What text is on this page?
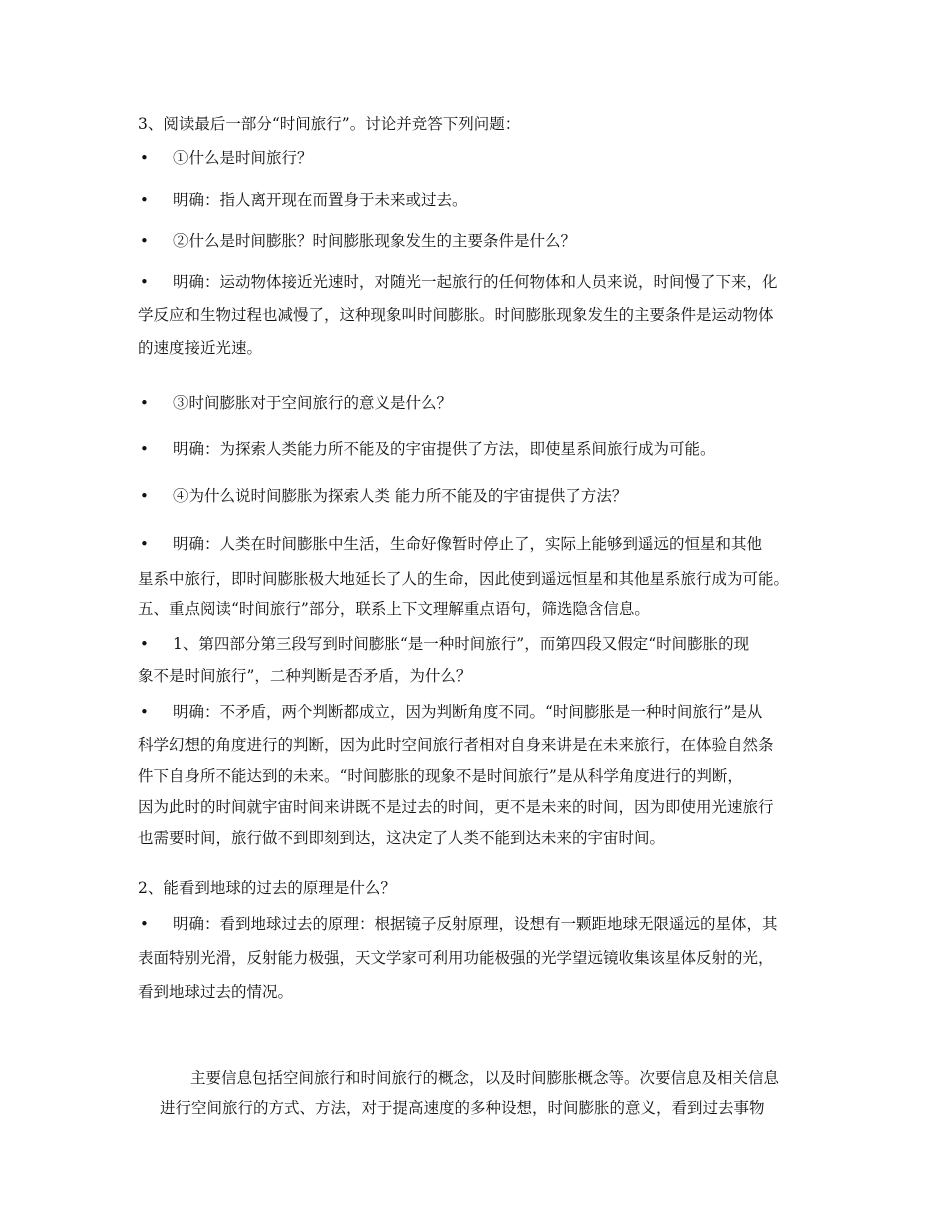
3、阅读最后一部分“时间旅行”。讨论并竞答下列问题：
• ①什么是时间旅行？
• 明确：指人离开现在而置身于未来或过去。
• ②什么是时间膨胀？时间膨胀现象发生的主要条件是什么？
• 明确：运动物体接近光速时，对随光一起旅行的任何物体和人员来说，时间慢了下来，化
学反应和生物过程也减慢了，这种现象叫时间膨胀。时间膨胀现象发生的主要条件是运动物体
的速度接近光速。
• ③时间膨胀对于空间旅行的意义是什么？
• 明确：为探索人类能力所不能及的宇宙提供了方法，即使星系间旅行成为可能。
• ④为什么说时间膨胀为探索人类 能力所不能及的宇宙提供了方法？
• 明确：人类在时间膨胀中生活，生命好像暂时停止了，实际上能够到遥远的恒星和其他
星系中旅行，即时间膨胀极大地延长了人的生命，因此使到遥远恒星和其他星系旅行成为可能。
五、重点阅读“时间旅行”部分，联系上下文理解重点语句，筛选隐含信息。
• 1、第四部分第三段写到时间膨胀“是一种时间旅行”，而第四段又假定“时间膨胀的现
象不是时间旅行”，二种判断是否矛盾，为什么？
• 明确：不矛盾，两个判断都成立，因为判断角度不同。“时间膨胀是一种时间旅行”是从
科学幻想的角度进行的判断，因为此时空间旅行者相对自身来讲是在未来旅行，在体验自然条
件下自身所不能达到的未来。“时间膨胀的现象不是时间旅行”是从科学角度进行的判断，
因为此时的时间就宇宙时间来讲既不是过去的时间，更不是未来的时间，因为即使用光速旅行
也需要时间，旅行做不到即刻到达，这决定了人类不能到达未来的宇宙时间。
2、能看到地球的过去的原理是什么？
• 明确：看到地球过去的原理：根据镜子反射原理，设想有一颗距地球无限遥远的星体，其
表面特别光滑，反射能力极强，天文学家可利用功能极强的光学望远镜收集该星体反射的光，
看到地球过去的情况。
主要信息包括空间旅行和时间旅行的概念，以及时间膨胀概念等。次要信息及相关信息
进行空间旅行的方式、方法，对于提高速度的多种设想，时间膨胀的意义，看到过去事物
